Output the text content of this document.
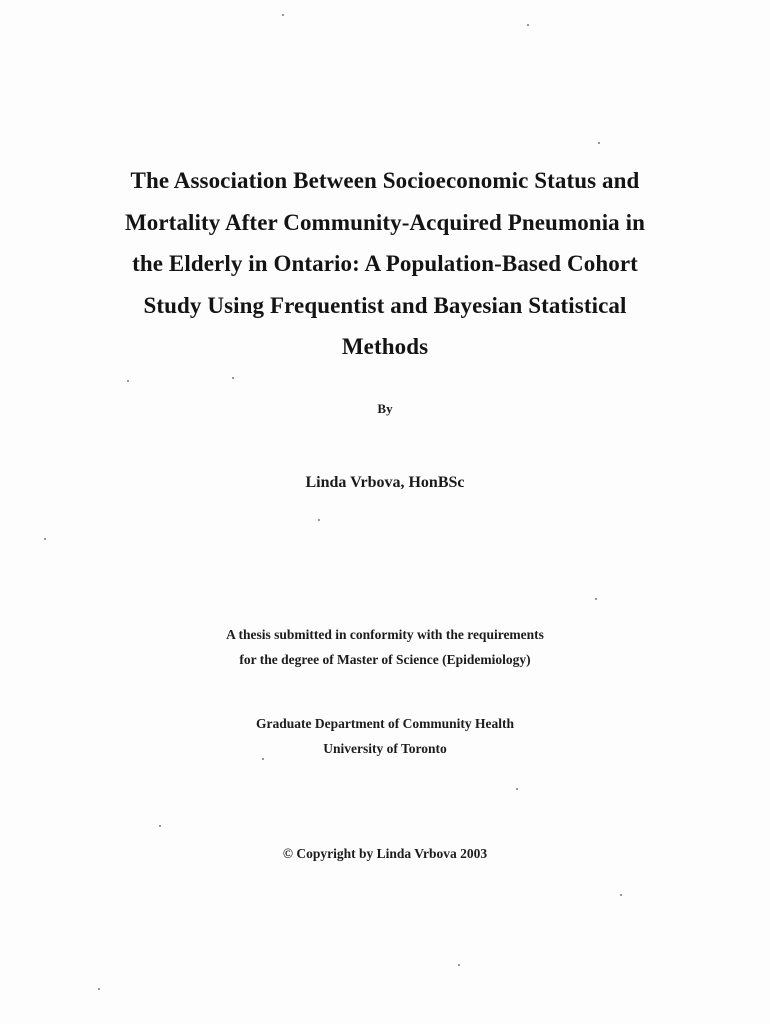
The Association Between Socioeconomic Status and
Mortality After Community-Acquired Pneumonia in
the Elderly in Ontario: A Population-Based Cohort
Study Using Frequentist and Bayesian Statistical
Methods
By
Linda Vrbova, HonBSc
A thesis submitted in conformity with the requirements
for the degree of Master of Science (Epidemiology)
Graduate Department of Community Health
University of Toronto
© Copyright by Linda Vrbova 2003
